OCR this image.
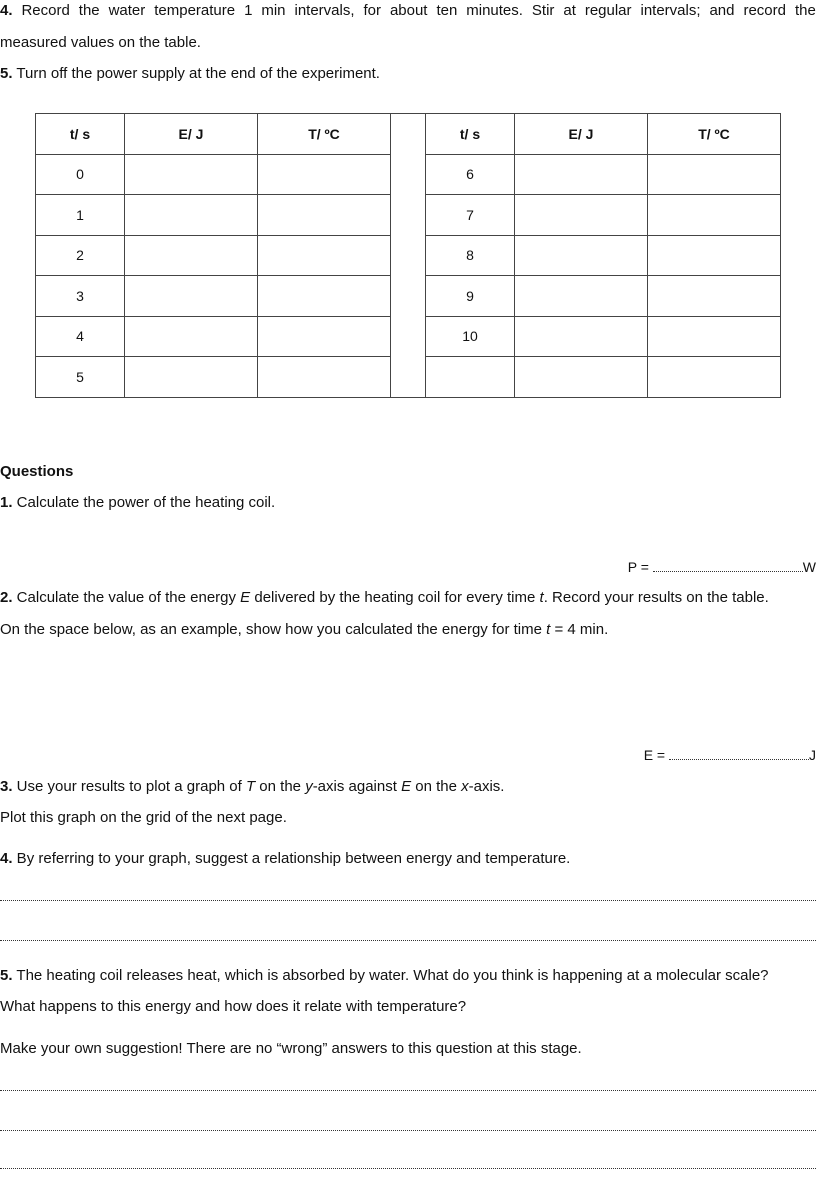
4. Record the water temperature 1 min intervals, for about ten minutes. Stir at regular intervals; and record the
measured values on the table.
5. Turn off the power supply at the end of the experiment.
t/ s	E/ J	T/ ºC		t/ s	E/ J	T/ ºC
0				6		
1				7		
2				8		
3				9		
4				10		
5						
Questions
1. Calculate the power of the heating coil.
P =	W
2. Calculate the value of the energy E delivered by the heating coil for every time t. Record your results on the table.
On the space below, as an example, show how you calculated the energy for time t = 4 min.
E =	J
3. Use your results to plot a graph of T on the y-axis against E on the x-axis.
Plot this graph on the grid of the next page.
4. By referring to your graph, suggest a relationship between energy and temperature.
5. The heating coil releases heat, which is absorbed by water. What do you think is happening at a molecular scale?
What happens to this energy and how does it relate with temperature?
Make your own suggestion! There are no “wrong” answers to this question at this stage.
